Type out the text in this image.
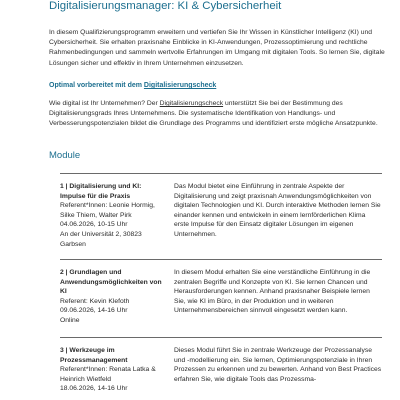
Digitalisierungsmanager: KI & Cybersicherheit

In diesem Qualifizierungsprogramm erweitern und vertiefen Sie Ihr Wissen in Künstlicher Intelligenz (KI) und Cybersicherheit. Sie erhalten praxisnahe Einblicke in KI-Anwendungen, Prozessoptimierung und rechtliche Rahmenbedingungen und sammeln wertvolle Erfahrungen im Umgang mit digitalen Tools. So lernen Sie, digitale Lösungen sicher und effektiv in Ihrem Unternehmen einzusetzen.

Optimal vorbereitet mit dem Digitalisierungscheck

Wie digital ist Ihr Unternehmen? Der Digitalisierungscheck unterstützt Sie bei der Bestimmung des Digitalisierungsgrads Ihres Unternehmens. Die systematische Identifikation von Handlungs- und Verbesserungspotenzialen bildet die Grundlage des Programms und identifiziert erste mögliche Ansatzpunkte.

Module
1 | Digitalisierung und KI: Impulse für die Praxis
Referent*Innen: Leonie Hormig, Silke Thiem, Walter Pirk
04.06.2026, 10-15 Uhr
An der Universität 2, 30823 Garbsen

Das Modul bietet eine Einführung in zentrale Aspekte der Digitalisierung und zeigt praxisnah Anwendungsmöglichkeiten von digitalen Technologien und KI. Durch interaktive Methoden lernen Sie einander kennen und entwickeln in einem lernförderlichen Klima erste Impulse für den Einsatz digitaler Lösungen im eigenen Unternehmen.

2 | Grundlagen und Anwendungsmöglichkeiten von KI
Referent: Kevin Klefoth
09.06.2026, 14-16 Uhr
Online

In diesem Modul erhalten Sie eine verständliche Einführung in die zentralen Begriffe und Konzepte von KI. Sie lernen Chancen und Herausforderungen kennen. Anhand praxisnaher Beispiele lernen Sie, wie KI im Büro, in der Produktion und in weiteren Unternehmensbereichen sinnvoll eingesetzt werden kann.

3 | Werkzeuge im Prozessmanagement
Referent*Innen: Renata Latka & Heinrich Wietfeld
18.06.2026, 14-16 Uhr

Dieses Modul führt Sie in zentrale Werkzeuge der Prozessanalyse und -modellierung ein. Sie lernen, Optimierungspotenziale in Ihren Prozessen zu erkennen und zu bewerten. Anhand von Best Practices erfahren Sie, wie digitale Tools das Prozessma-
